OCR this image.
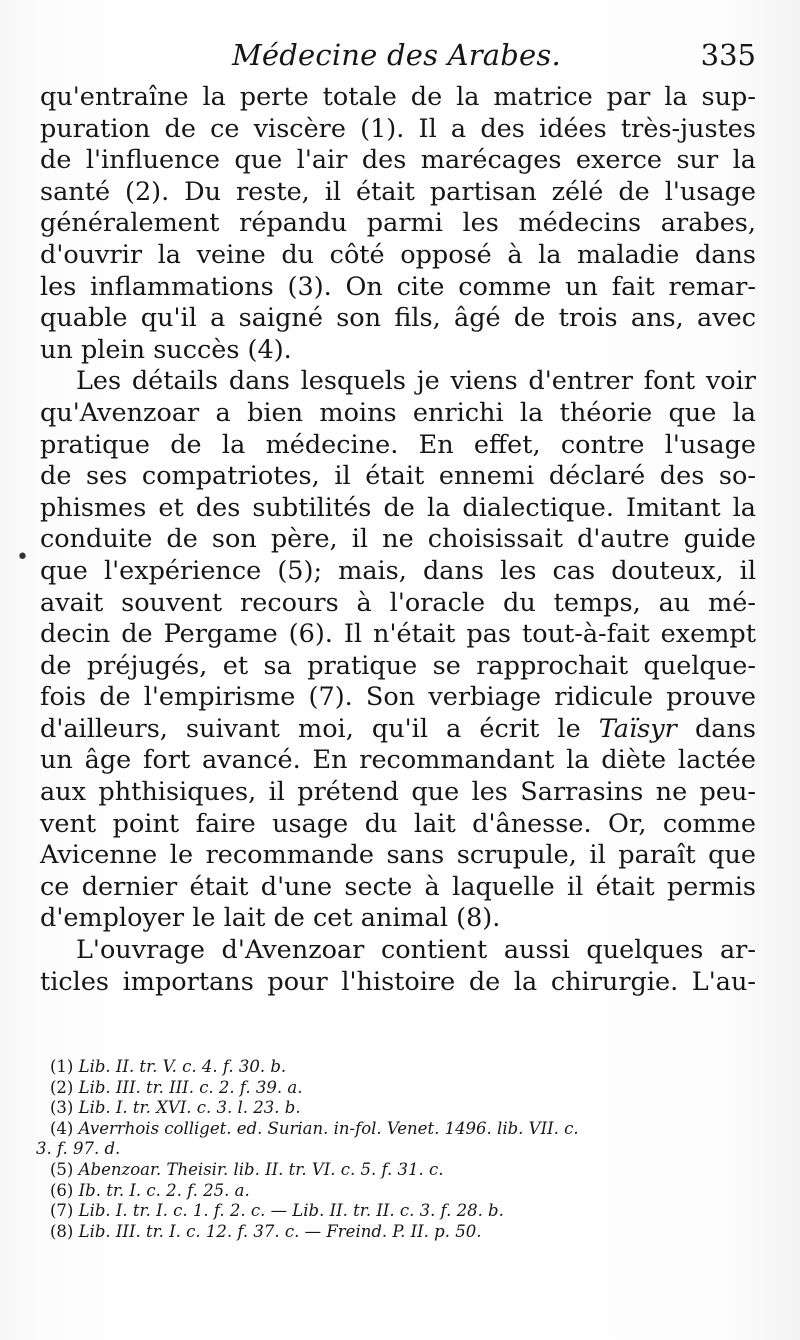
Médecine des Arabes.	335
•
qu'entraîne la perte totale de la matrice par la sup-
puration de ce viscère (1). Il a des idées très-justes
de l'influence que l'air des marécages exerce sur la
santé (2). Du reste, il était partisan zélé de l'usage
généralement répandu parmi les médecins arabes,
d'ouvrir la veine du côté opposé à la maladie dans
les inflammations (3). On cite comme un fait remar-
quable qu'il a saigné son fils, âgé de trois ans, avec
un plein succès (4).
Les détails dans lesquels je viens d'entrer font voir
qu'Avenzoar a bien moins enrichi la théorie que la
pratique de la médecine. En effet, contre l'usage
de ses compatriotes, il était ennemi déclaré des so-
phismes et des subtilités de la dialectique. Imitant la
conduite de son père, il ne choisissait d'autre guide
que l'expérience (5); mais, dans les cas douteux, il
avait souvent recours à l'oracle du temps, au mé-
decin de Pergame (6). Il n'était pas tout-à-fait exempt
de préjugés, et sa pratique se rapprochait quelque-
fois de l'empirisme (7). Son verbiage ridicule prouve
d'ailleurs, suivant moi, qu'il a écrit le Taïsyr dans
un âge fort avancé. En recommandant la diète lactée
aux phthisiques, il prétend que les Sarrasins ne peu-
vent point faire usage du lait d'ânesse. Or, comme
Avicenne le recommande sans scrupule, il paraît que
ce dernier était d'une secte à laquelle il était permis
d'employer le lait de cet animal (8).
L'ouvrage d'Avenzoar contient aussi quelques ar-
ticles importans pour l'histoire de la chirurgie. L'au-
(1) Lib. II. tr. V. c. 4. f. 30. b.
(2) Lib. III. tr. III. c. 2. f. 39. a.
(3) Lib. I. tr. XVI. c. 3. l. 23. b.
(4) Averrhois colliget. ed. Surian. in-fol. Venet. 1496. lib. VII. c.
3. f. 97. d.
(5) Abenzoar. Theisir. lib. II. tr. VI. c. 5. f. 31. c.
(6) Ib. tr. I. c. 2. f. 25. a.
(7) Lib. I. tr. I. c. 1. f. 2. c. — Lib. II. tr. II. c. 3. f. 28. b.
(8) Lib. III. tr. I. c. 12. f. 37. c. — Freind. P. II. p. 50.
